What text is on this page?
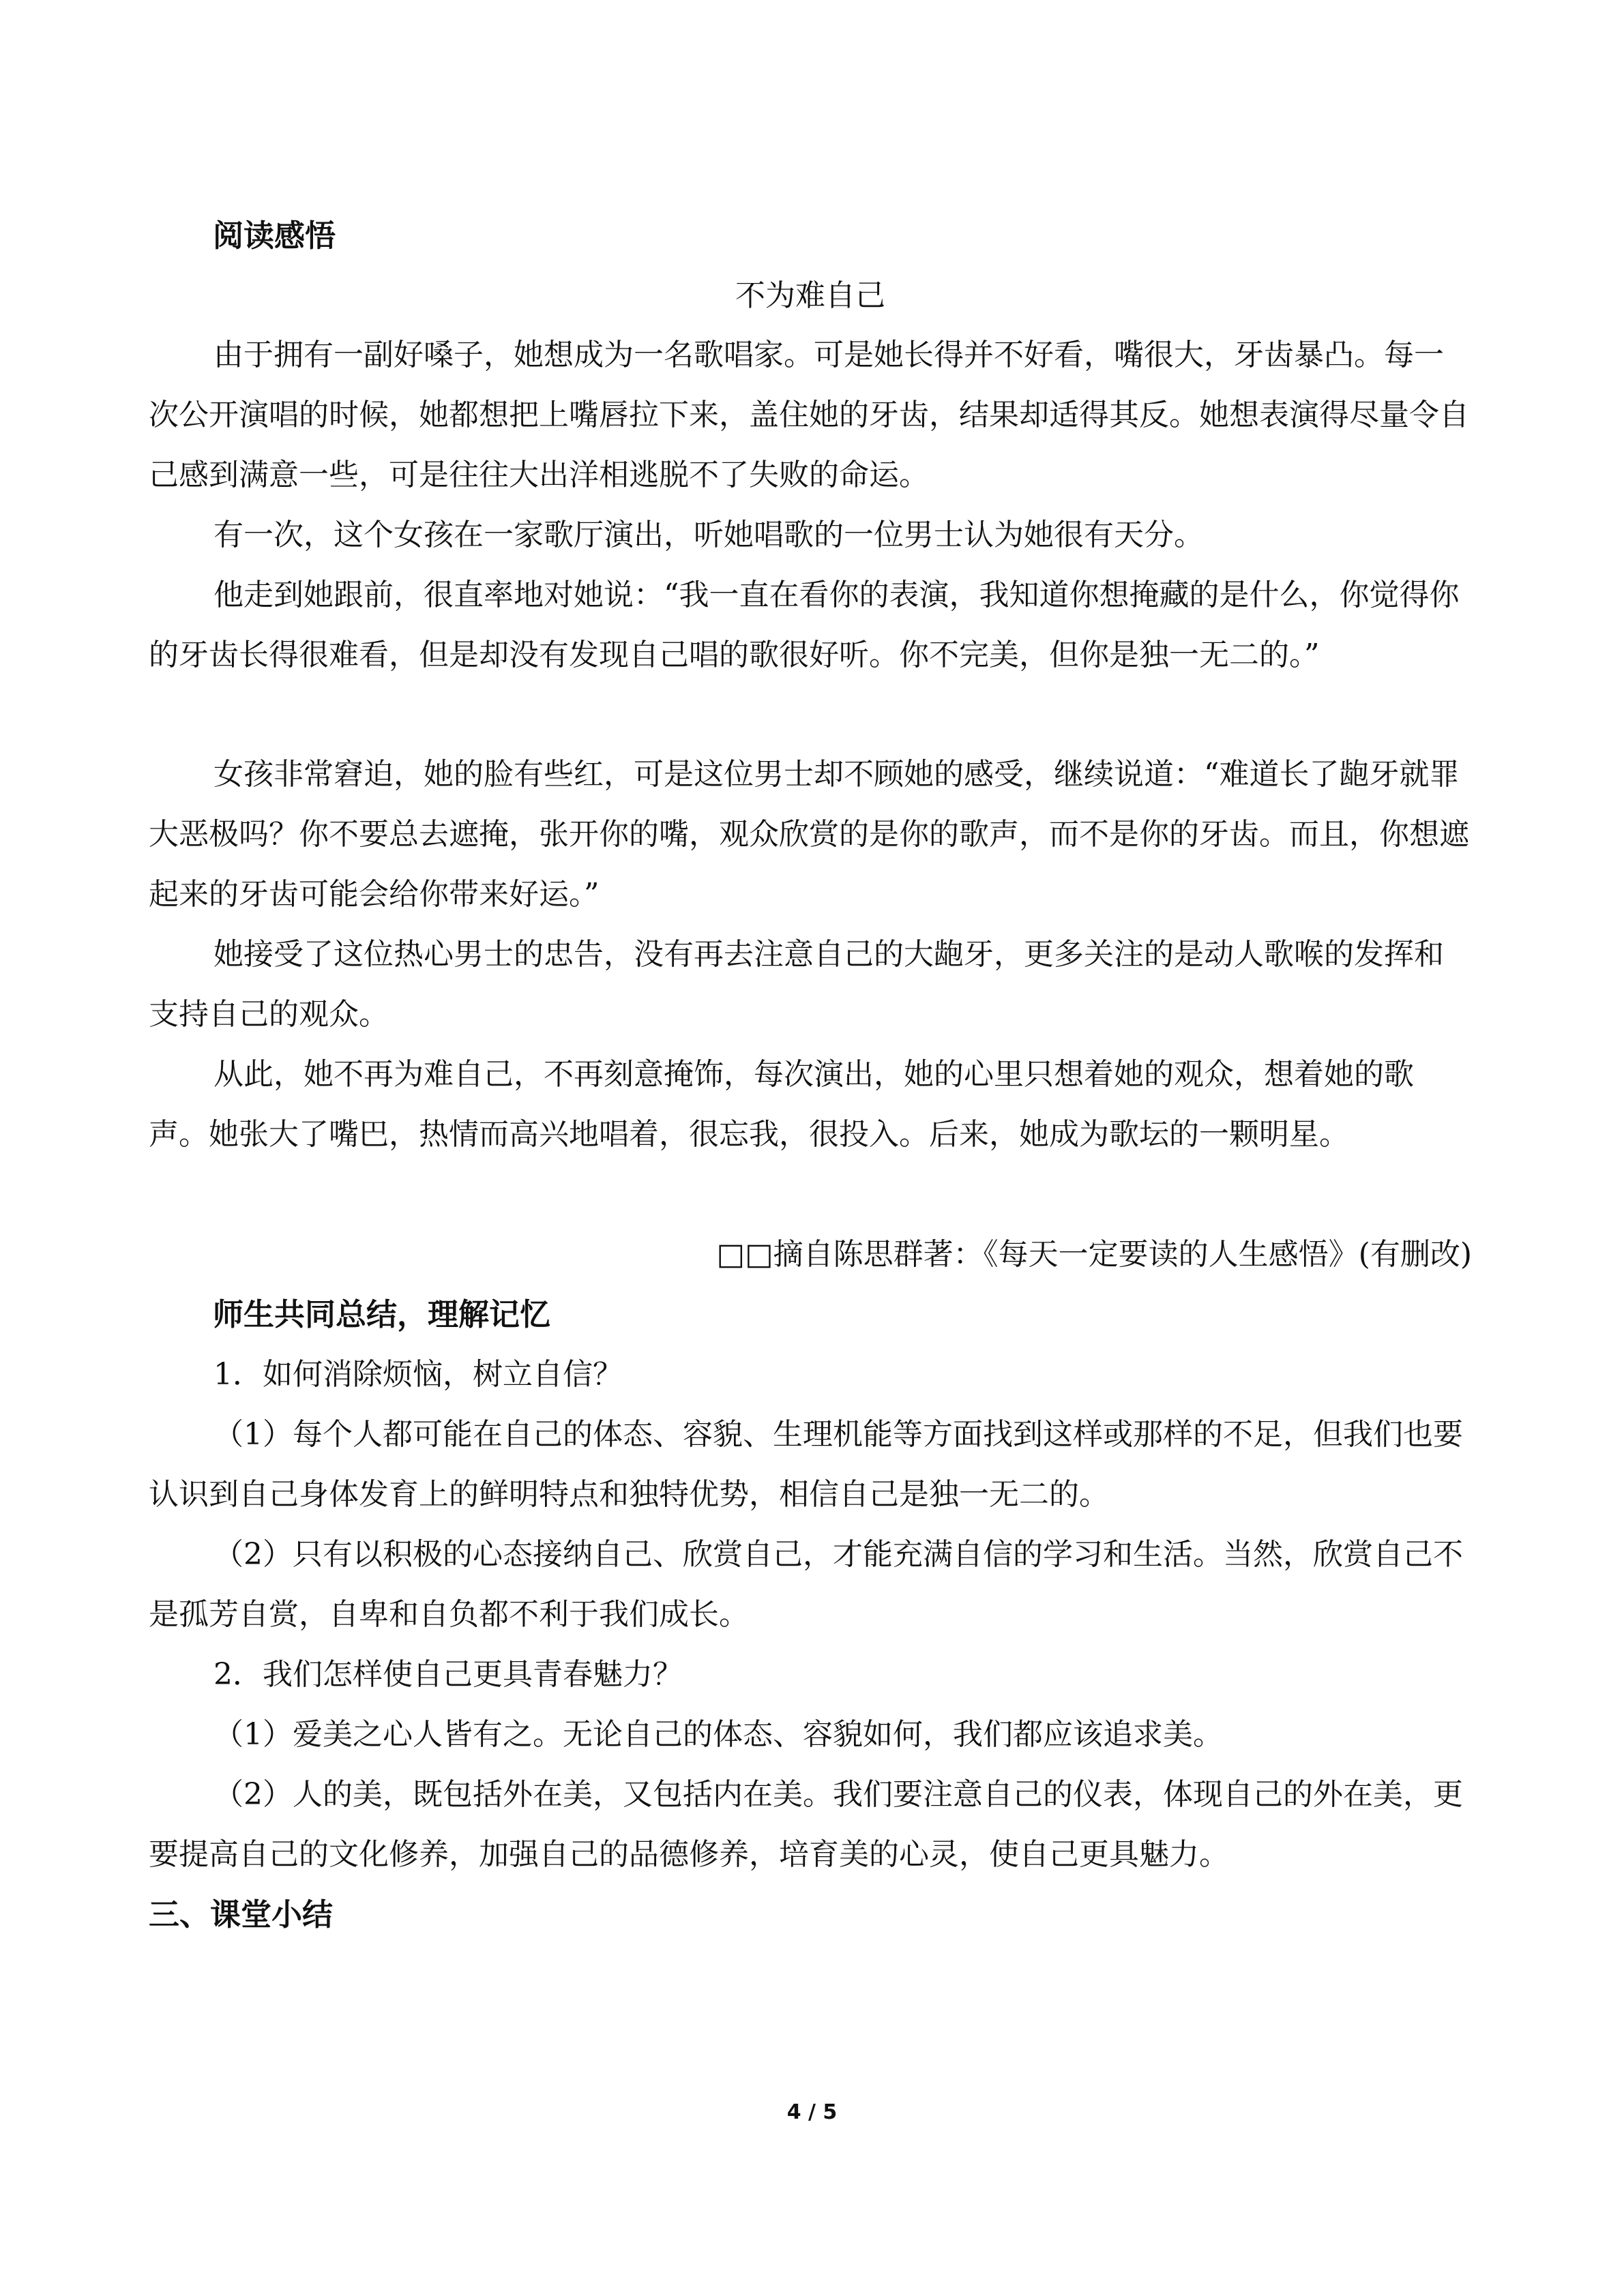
阅读感悟

不为难自己

由于拥有一副好嗓子，她想成为一名歌唱家。可是她长得并不好看，嘴很大，牙齿暴凸。每一次公开演唱的时候，她都想把上嘴唇拉下来，盖住她的牙齿，结果却适得其反。她想表演得尽量令自己感到满意一些，可是往往大出洋相逃脱不了失败的命运。

有一次，这个女孩在一家歌厅演出，听她唱歌的一位男士认为她很有天分。

他走到她跟前，很直率地对她说：“我一直在看你的表演，我知道你想掩藏的是什么，你觉得你的牙齿长得很难看，但是却没有发现自己唱的歌很好听。你不完美，但你是独一无二的。”

女孩非常窘迫，她的脸有些红，可是这位男士却不顾她的感受，继续说道：“难道长了龅牙就罪大恶极吗？你不要总去遮掩，张开你的嘴，观众欣赏的是你的歌声，而不是你的牙齿。而且，你想遮起来的牙齿可能会给你带来好运。”

她接受了这位热心男士的忠告，没有再去注意自己的大龅牙，更多关注的是动人歌喉的发挥和支持自己的观众。

从此，她不再为难自己，不再刻意掩饰，每次演出，她的心里只想着她的观众，想着她的歌声。她张大了嘴巴，热情而高兴地唱着，很忘我，很投入。后来，她成为歌坛的一颗明星。

□□摘自陈思群著：《每天一定要读的人生感悟》(有删改)

师生共同总结，理解记忆

1．如何消除烦恼，树立自信？

（1）每个人都可能在自己的体态、容貌、生理机能等方面找到这样或那样的不足，但我们也要认识到自己身体发育上的鲜明特点和独特优势，相信自己是独一无二的。

（2）只有以积极的心态接纳自己、欣赏自己，才能充满自信的学习和生活。当然，欣赏自己不是孤芳自赏，自卑和自负都不利于我们成长。

2．我们怎样使自己更具青春魅力？

（1）爱美之心人皆有之。无论自己的体态、容貌如何，我们都应该追求美。

（2）人的美，既包括外在美，又包括内在美。我们要注意自己的仪表，体现自己的外在美，更要提高自己的文化修养，加强自己的品德修养，培育美的心灵，使自己更具魅力。

三、课堂小结

4 / 5
